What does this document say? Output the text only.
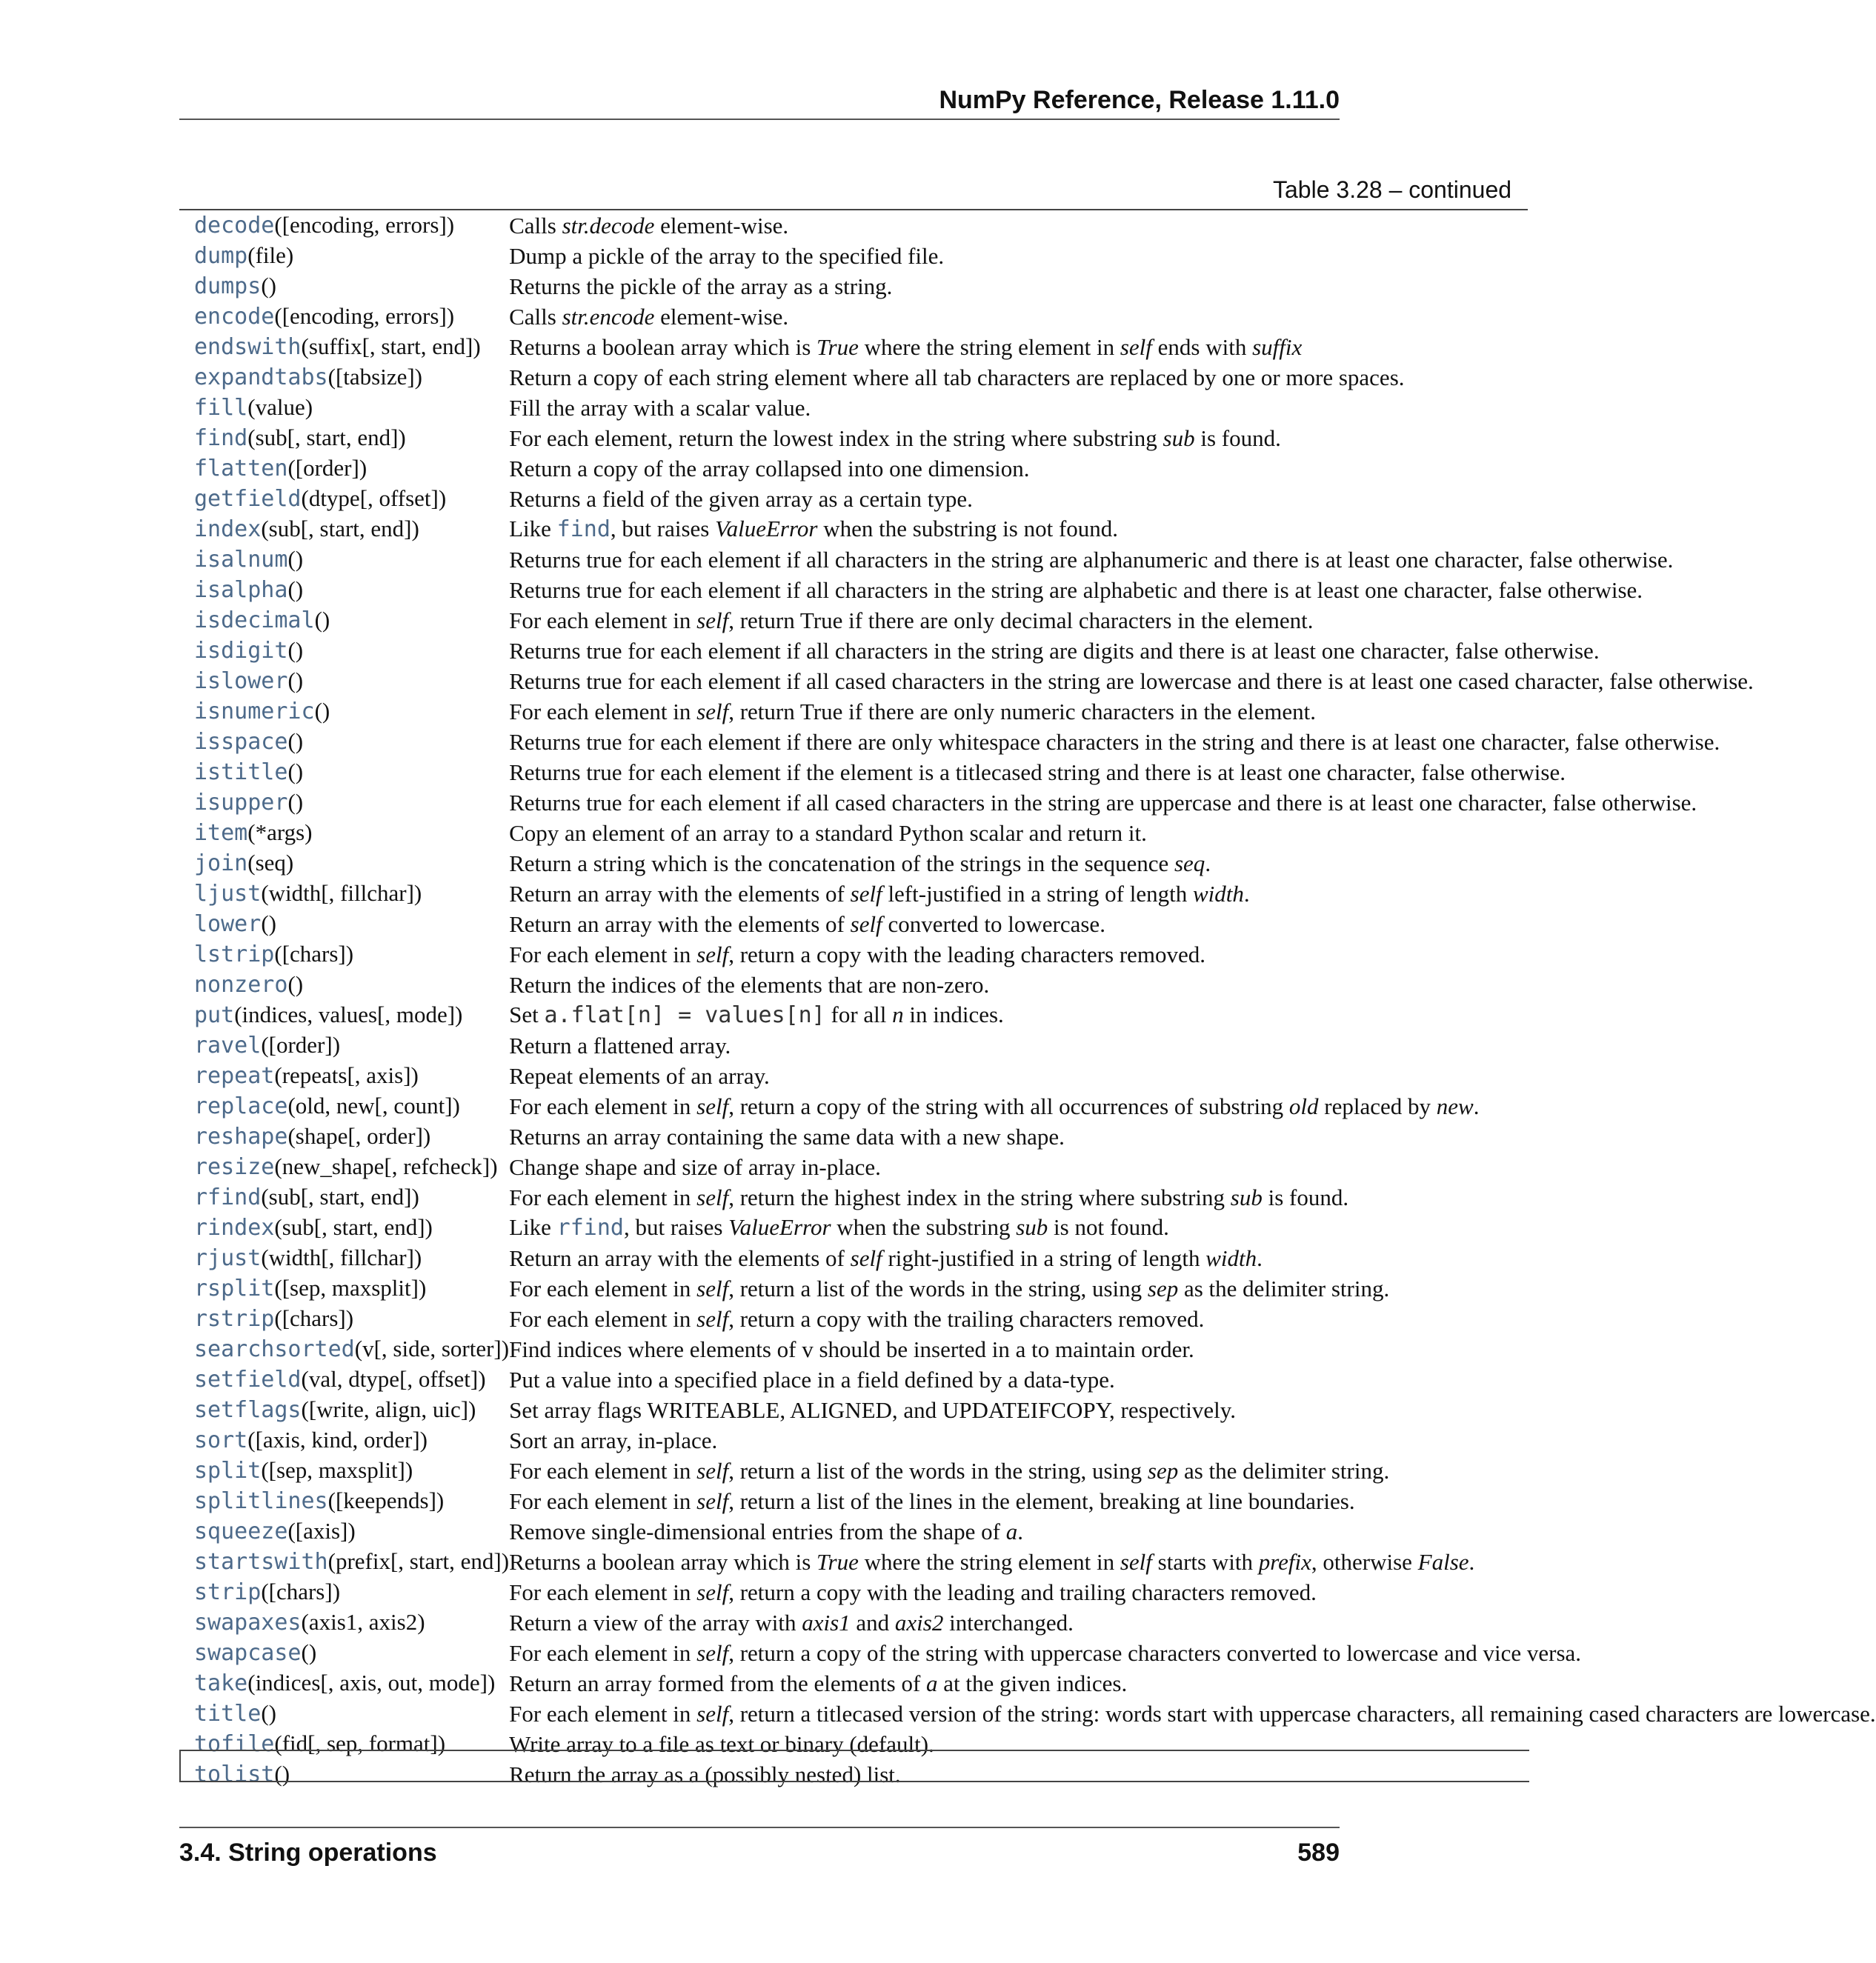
NumPy Reference, Release 1.11.0
Table 3.28 – continued
decode([encoding, errors])	Calls str.decode element-wise.
dump(file)	Dump a pickle of the array to the specified file.
dumps()	Returns the pickle of the array as a string.
encode([encoding, errors])	Calls str.encode element-wise.
endswith(suffix[, start, end])	Returns a boolean array which is True where the string element in self ends with suffix
expandtabs([tabsize])	Return a copy of each string element where all tab characters are replaced by one or more spaces.
fill(value)	Fill the array with a scalar value.
find(sub[, start, end])	For each element, return the lowest index in the string where substring sub is found.
flatten([order])	Return a copy of the array collapsed into one dimension.
getfield(dtype[, offset])	Returns a field of the given array as a certain type.
index(sub[, start, end])	Like find, but raises ValueError when the substring is not found.
isalnum()	Returns true for each element if all characters in the string are alphanumeric and there is at least one character, false otherwise.
isalpha()	Returns true for each element if all characters in the string are alphabetic and there is at least one character, false otherwise.
isdecimal()	For each element in self, return True if there are only decimal characters in the element.
isdigit()	Returns true for each element if all characters in the string are digits and there is at least one character, false otherwise.
islower()	Returns true for each element if all cased characters in the string are lowercase and there is at least one cased character, false otherwise.
isnumeric()	For each element in self, return True if there are only numeric characters in the element.
isspace()	Returns true for each element if there are only whitespace characters in the string and there is at least one character, false otherwise.
istitle()	Returns true for each element if the element is a titlecased string and there is at least one character, false otherwise.
isupper()	Returns true for each element if all cased characters in the string are uppercase and there is at least one character, false otherwise.
item(*args)	Copy an element of an array to a standard Python scalar and return it.
join(seq)	Return a string which is the concatenation of the strings in the sequence seq.
ljust(width[, fillchar])	Return an array with the elements of self left-justified in a string of length width.
lower()	Return an array with the elements of self converted to lowercase.
lstrip([chars])	For each element in self, return a copy with the leading characters removed.
nonzero()	Return the indices of the elements that are non-zero.
put(indices, values[, mode])	Set a.flat[n] = values[n] for all n in indices.
ravel([order])	Return a flattened array.
repeat(repeats[, axis])	Repeat elements of an array.
replace(old, new[, count])	For each element in self, return a copy of the string with all occurrences of substring old replaced by new.
reshape(shape[, order])	Returns an array containing the same data with a new shape.
resize(new_shape[, refcheck])	Change shape and size of array in-place.
rfind(sub[, start, end])	For each element in self, return the highest index in the string where substring sub is found.
rindex(sub[, start, end])	Like rfind, but raises ValueError when the substring sub is not found.
rjust(width[, fillchar])	Return an array with the elements of self right-justified in a string of length width.
rsplit([sep, maxsplit])	For each element in self, return a list of the words in the string, using sep as the delimiter string.
rstrip([chars])	For each element in self, return a copy with the trailing characters removed.
searchsorted(v[, side, sorter])	Find indices where elements of v should be inserted in a to maintain order.
setfield(val, dtype[, offset])	Put a value into a specified place in a field defined by a data-type.
setflags([write, align, uic])	Set array flags WRITEABLE, ALIGNED, and UPDATEIFCOPY, respectively.
sort([axis, kind, order])	Sort an array, in-place.
split([sep, maxsplit])	For each element in self, return a list of the words in the string, using sep as the delimiter string.
splitlines([keepends])	For each element in self, return a list of the lines in the element, breaking at line boundaries.
squeeze([axis])	Remove single-dimensional entries from the shape of a.
startswith(prefix[, start, end])	Returns a boolean array which is True where the string element in self starts with prefix, otherwise False.
strip([chars])	For each element in self, return a copy with the leading and trailing characters removed.
swapaxes(axis1, axis2)	Return a view of the array with axis1 and axis2 interchanged.
swapcase()	For each element in self, return a copy of the string with uppercase characters converted to lowercase and vice versa.
take(indices[, axis, out, mode])	Return an array formed from the elements of a at the given indices.
title()	For each element in self, return a titlecased version of the string: words start with uppercase characters, all remaining cased characters are lowercase.
tofile(fid[, sep, format])	Write array to a file as text or binary (default).
tolist()	Return the array as a (possibly nested) list.
3.4. String operations	589
